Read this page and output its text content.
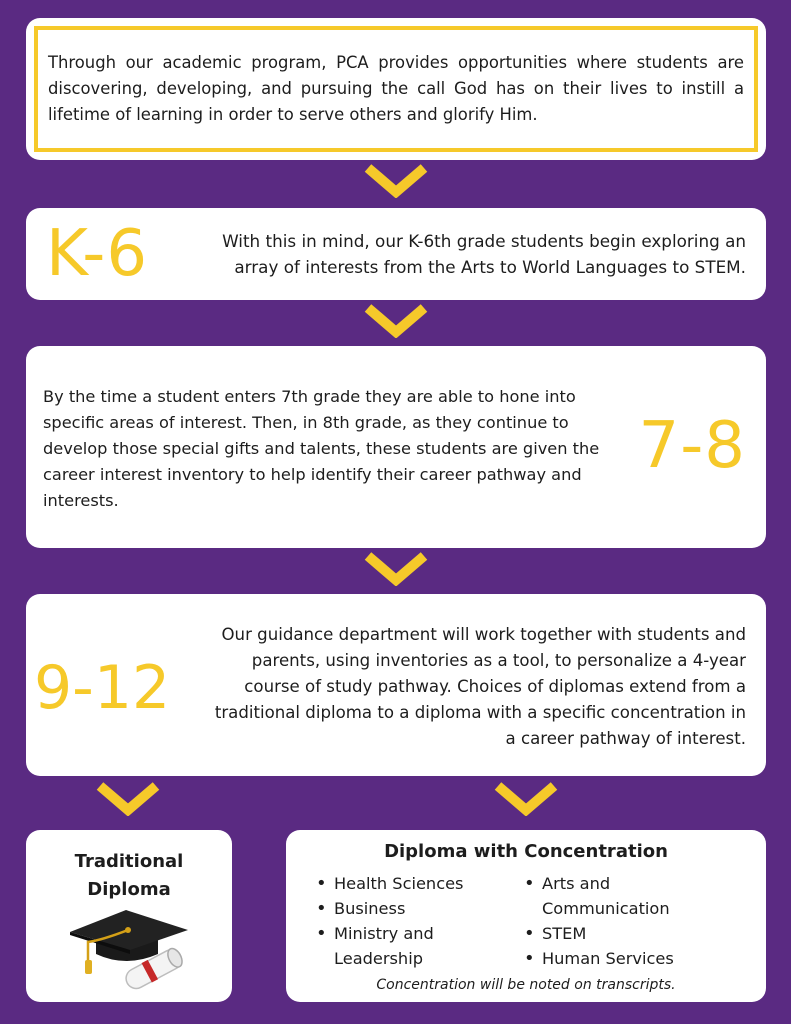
Through our academic program, PCA provides opportunities where students are discovering, developing, and pursuing the call God has on their lives to instill a lifetime of learning in order to serve others and glorify Him.
K-6	With this in mind, our K-6th grade students begin exploring an array of interests from the Arts to World Languages to STEM.
By the time a student enters 7th grade they are able to hone into specific areas of interest. Then, in 8th grade, as they continue to develop those special gifts and talents, these students are given the career interest inventory to help identify their career pathway and interests.
7-8
9-12
Our guidance department will work together with students and parents, using inventories as a tool, to personalize a 4-year course of study pathway. Choices of diplomas extend from a traditional diploma to a diploma with a specific concentration in a career pathway of interest.
Traditional
Diploma
Diploma with Concentration
• Health Sciences
• Business
• Ministry and Leadership
• Arts and Communication
• STEM
• Human Services
Concentration will be noted on transcripts.
